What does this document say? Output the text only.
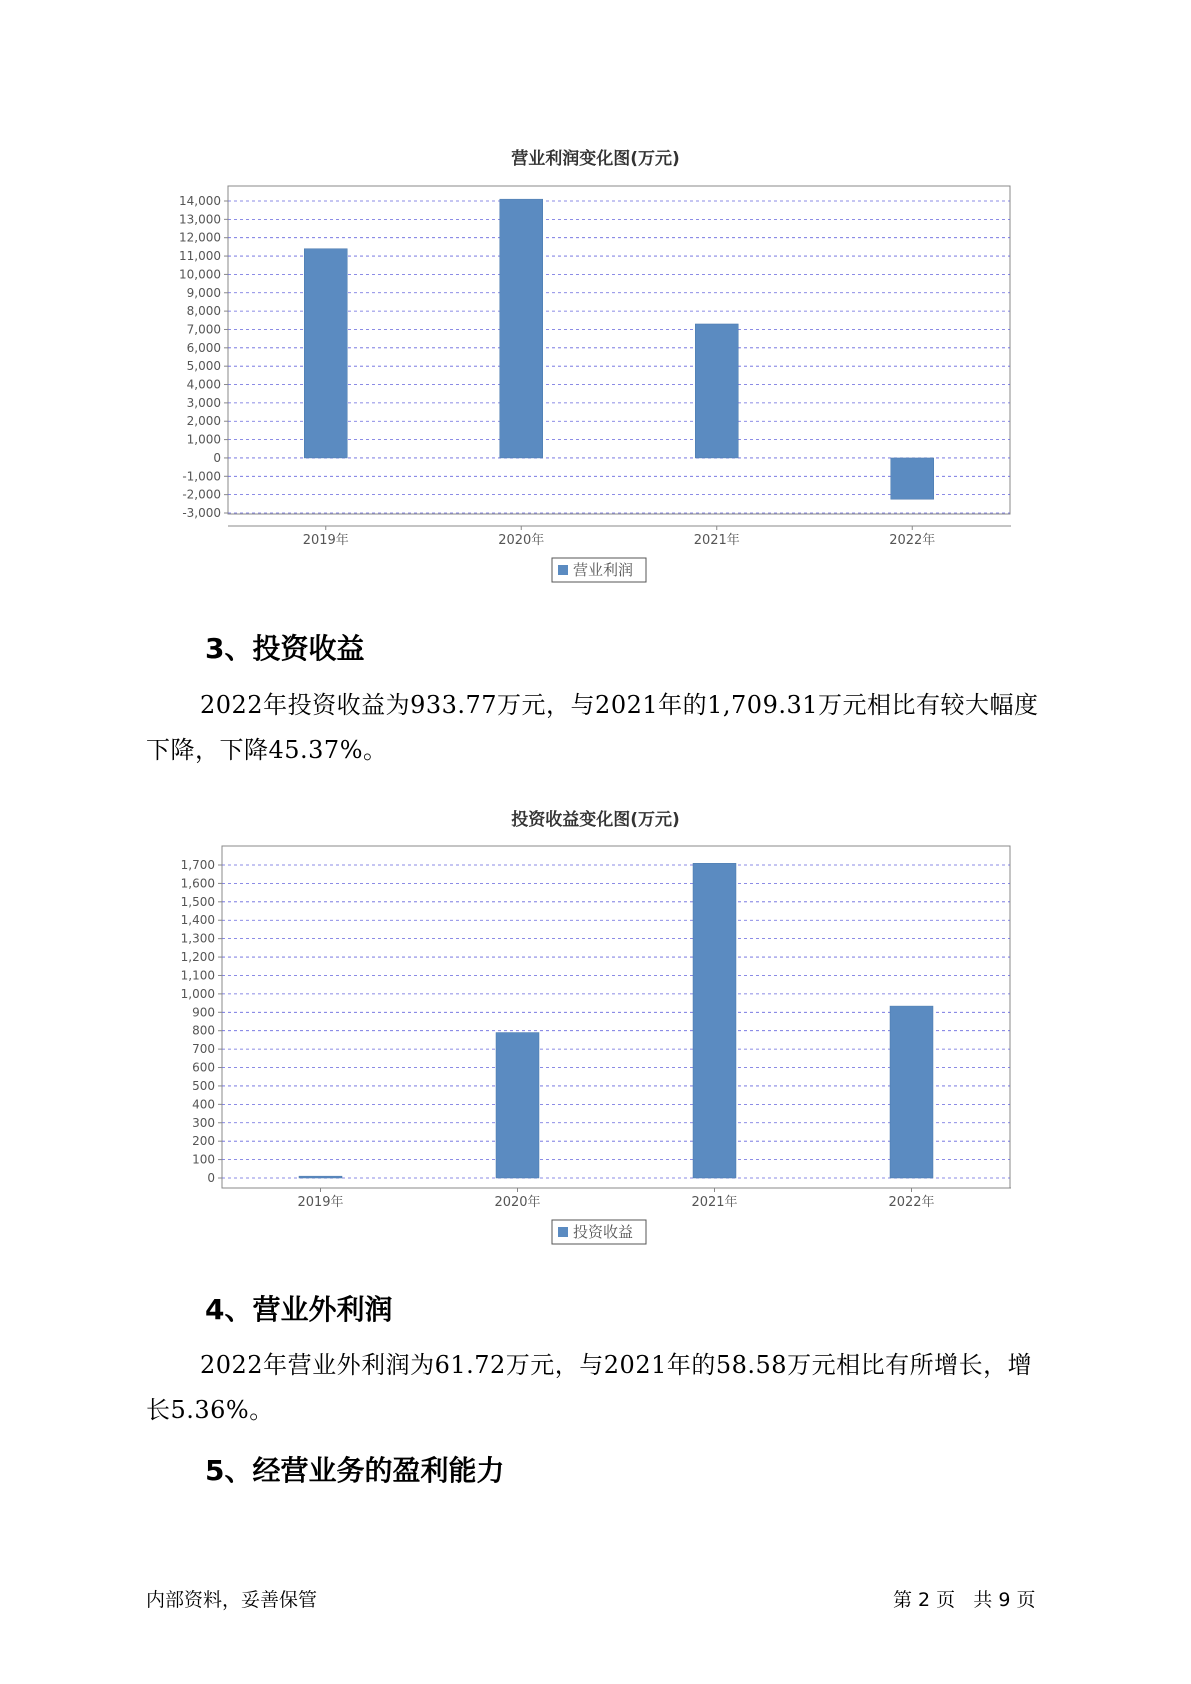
营业利润变化图(万元)
14,000
13,000
12,000
11,000
10,000
9,000
8,000
7,000
6,000
5,000
4,000
3,000
2,000
1,000
0
-1,000
-2,000
-3,000
2019年	2020年	2021年	2022年
营业利润
3、投资收益
2022年投资收益为933.77万元，与2021年的1,709.31万元相比有较大幅度下降，下降45.37%。
投资收益变化图(万元)
1,700
1,600
1,500
1,400
1,300
1,200
1,100
1,000
900
800
700
600
500
400
300
200
100
0
2019年	2020年	2021年	2022年
投资收益
4、营业外利润
2022年营业外利润为61.72万元，与2021年的58.58万元相比有所增长，增长5.36%。
5、经营业务的盈利能力
内部资料，妥善保管	第 2 页   共 9 页
